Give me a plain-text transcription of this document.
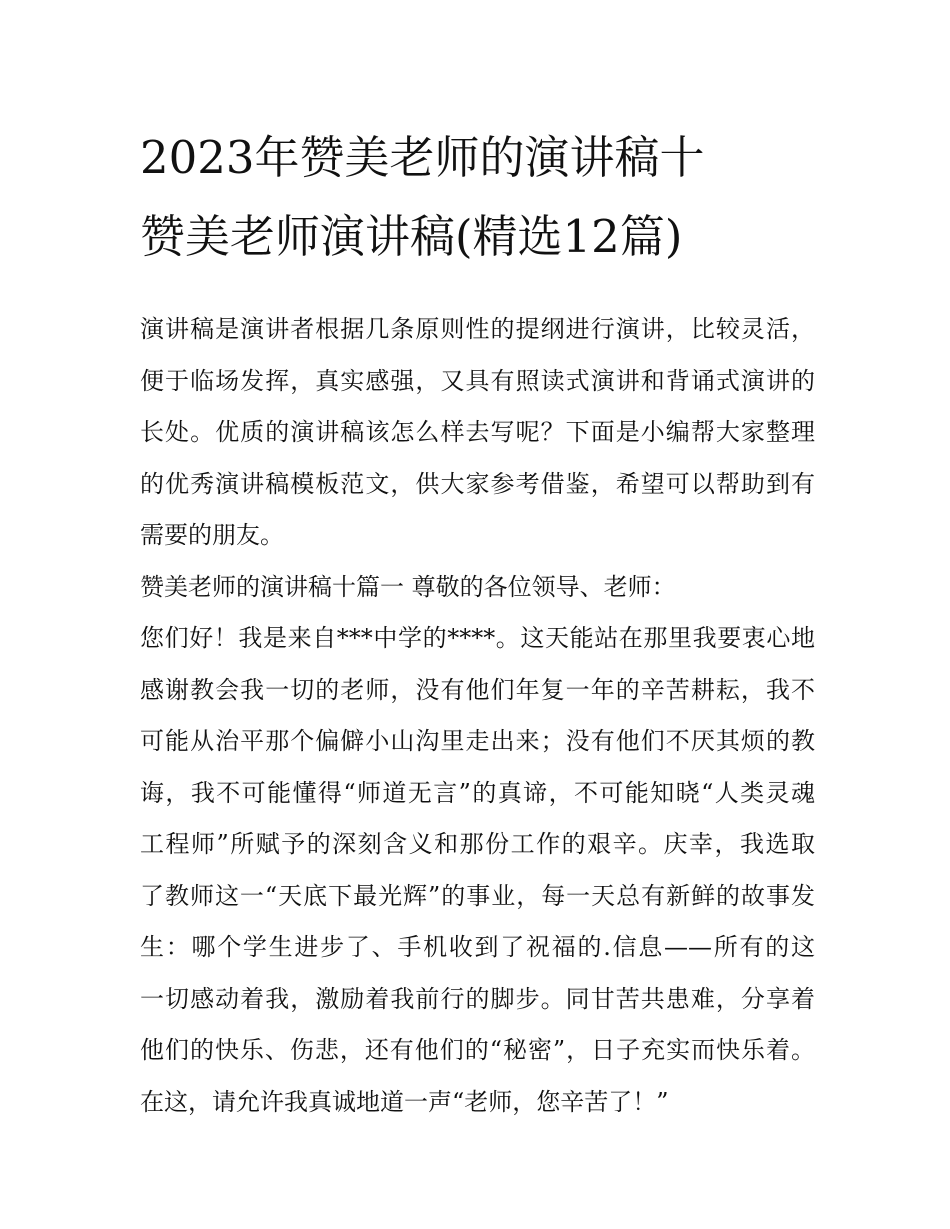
2023年赞美老师的演讲稿十
赞美老师演讲稿(精选12篇)
演讲稿是演讲者根据几条原则性的提纲进行演讲，比较灵活，
便于临场发挥，真实感强，又具有照读式演讲和背诵式演讲的
长处。优质的演讲稿该怎么样去写呢？下面是小编帮大家整理
的优秀演讲稿模板范文，供大家参考借鉴，希望可以帮助到有
需要的朋友。
赞美老师的演讲稿十篇一 尊敬的各位领导、老师：
您们好！我是来自***中学的****。这天能站在那里我要衷心地
感谢教会我一切的老师，没有他们年复一年的辛苦耕耘，我不
可能从治平那个偏僻小山沟里走出来；没有他们不厌其烦的教
诲，我不可能懂得“师道无言”的真谛，不可能知晓“人类灵魂
工程师”所赋予的深刻含义和那份工作的艰辛。庆幸，我选取
了教师这一“天底下最光辉”的事业，每一天总有新鲜的故事发
生：哪个学生进步了、手机收到了祝福的.信息——所有的这
一切感动着我，激励着我前行的脚步。同甘苦共患难，分享着
他们的快乐、伤悲，还有他们的“秘密”，日子充实而快乐着。
在这，请允许我真诚地道一声“老师，您辛苦了！”
